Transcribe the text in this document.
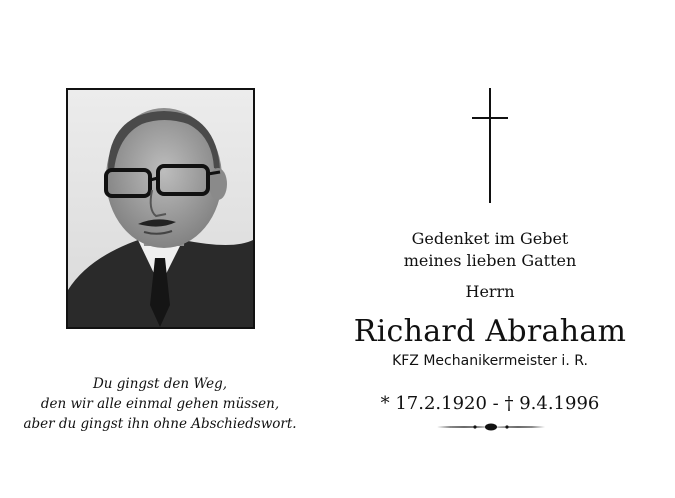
Gedenket im Gebet
meines lieben Gatten
Herrn
Richard Abraham
KFZ Mechanikermeister i. R.
* 17.2.1920 - † 9.4.1996
Du gingst den Weg,
den wir alle einmal gehen müssen,
aber du gingst ihn ohne Abschiedswort.
